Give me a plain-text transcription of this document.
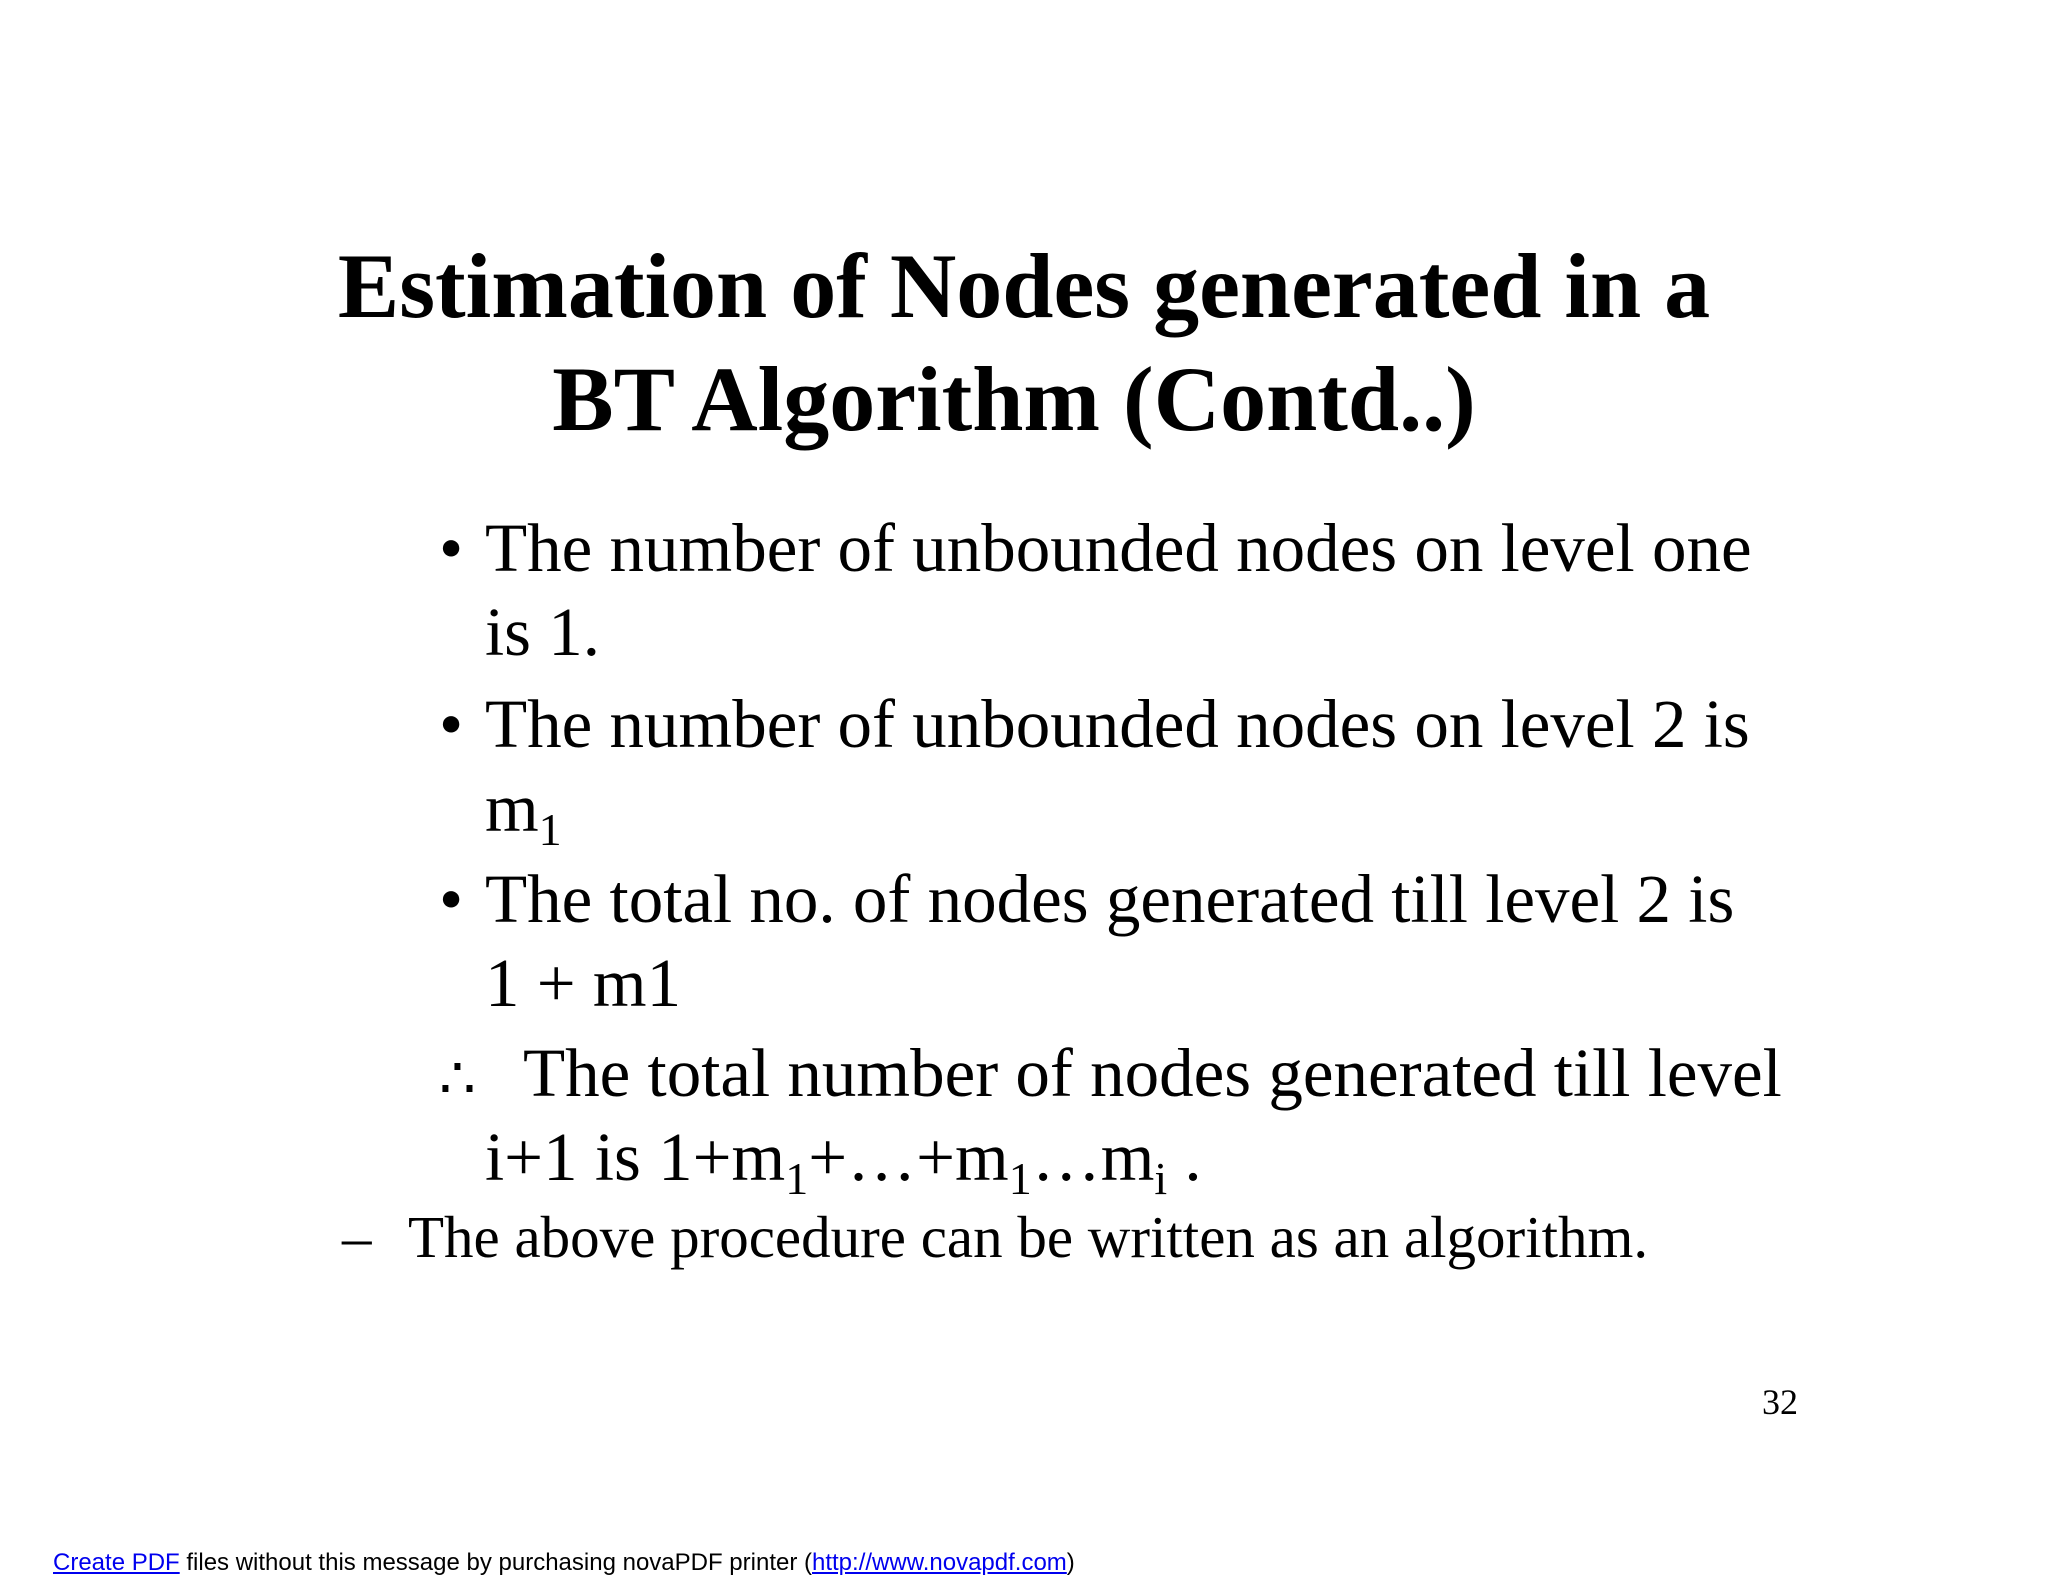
Estimation of Nodes generated in a
BT Algorithm (Contd..)
• The number of unbounded nodes on level one
is 1.
• The number of unbounded nodes on level 2 is
$m_1$
• The total no. of nodes generated till level 2 is
1 + m1
∴ The total number of nodes generated till level
i+1 is $1+m_1+\dots+m_1\dots m_i$ .
– The above procedure can be written as an algorithm.
32
Create PDF files without this message by purchasing novaPDF printer (http://www.novapdf.com)
